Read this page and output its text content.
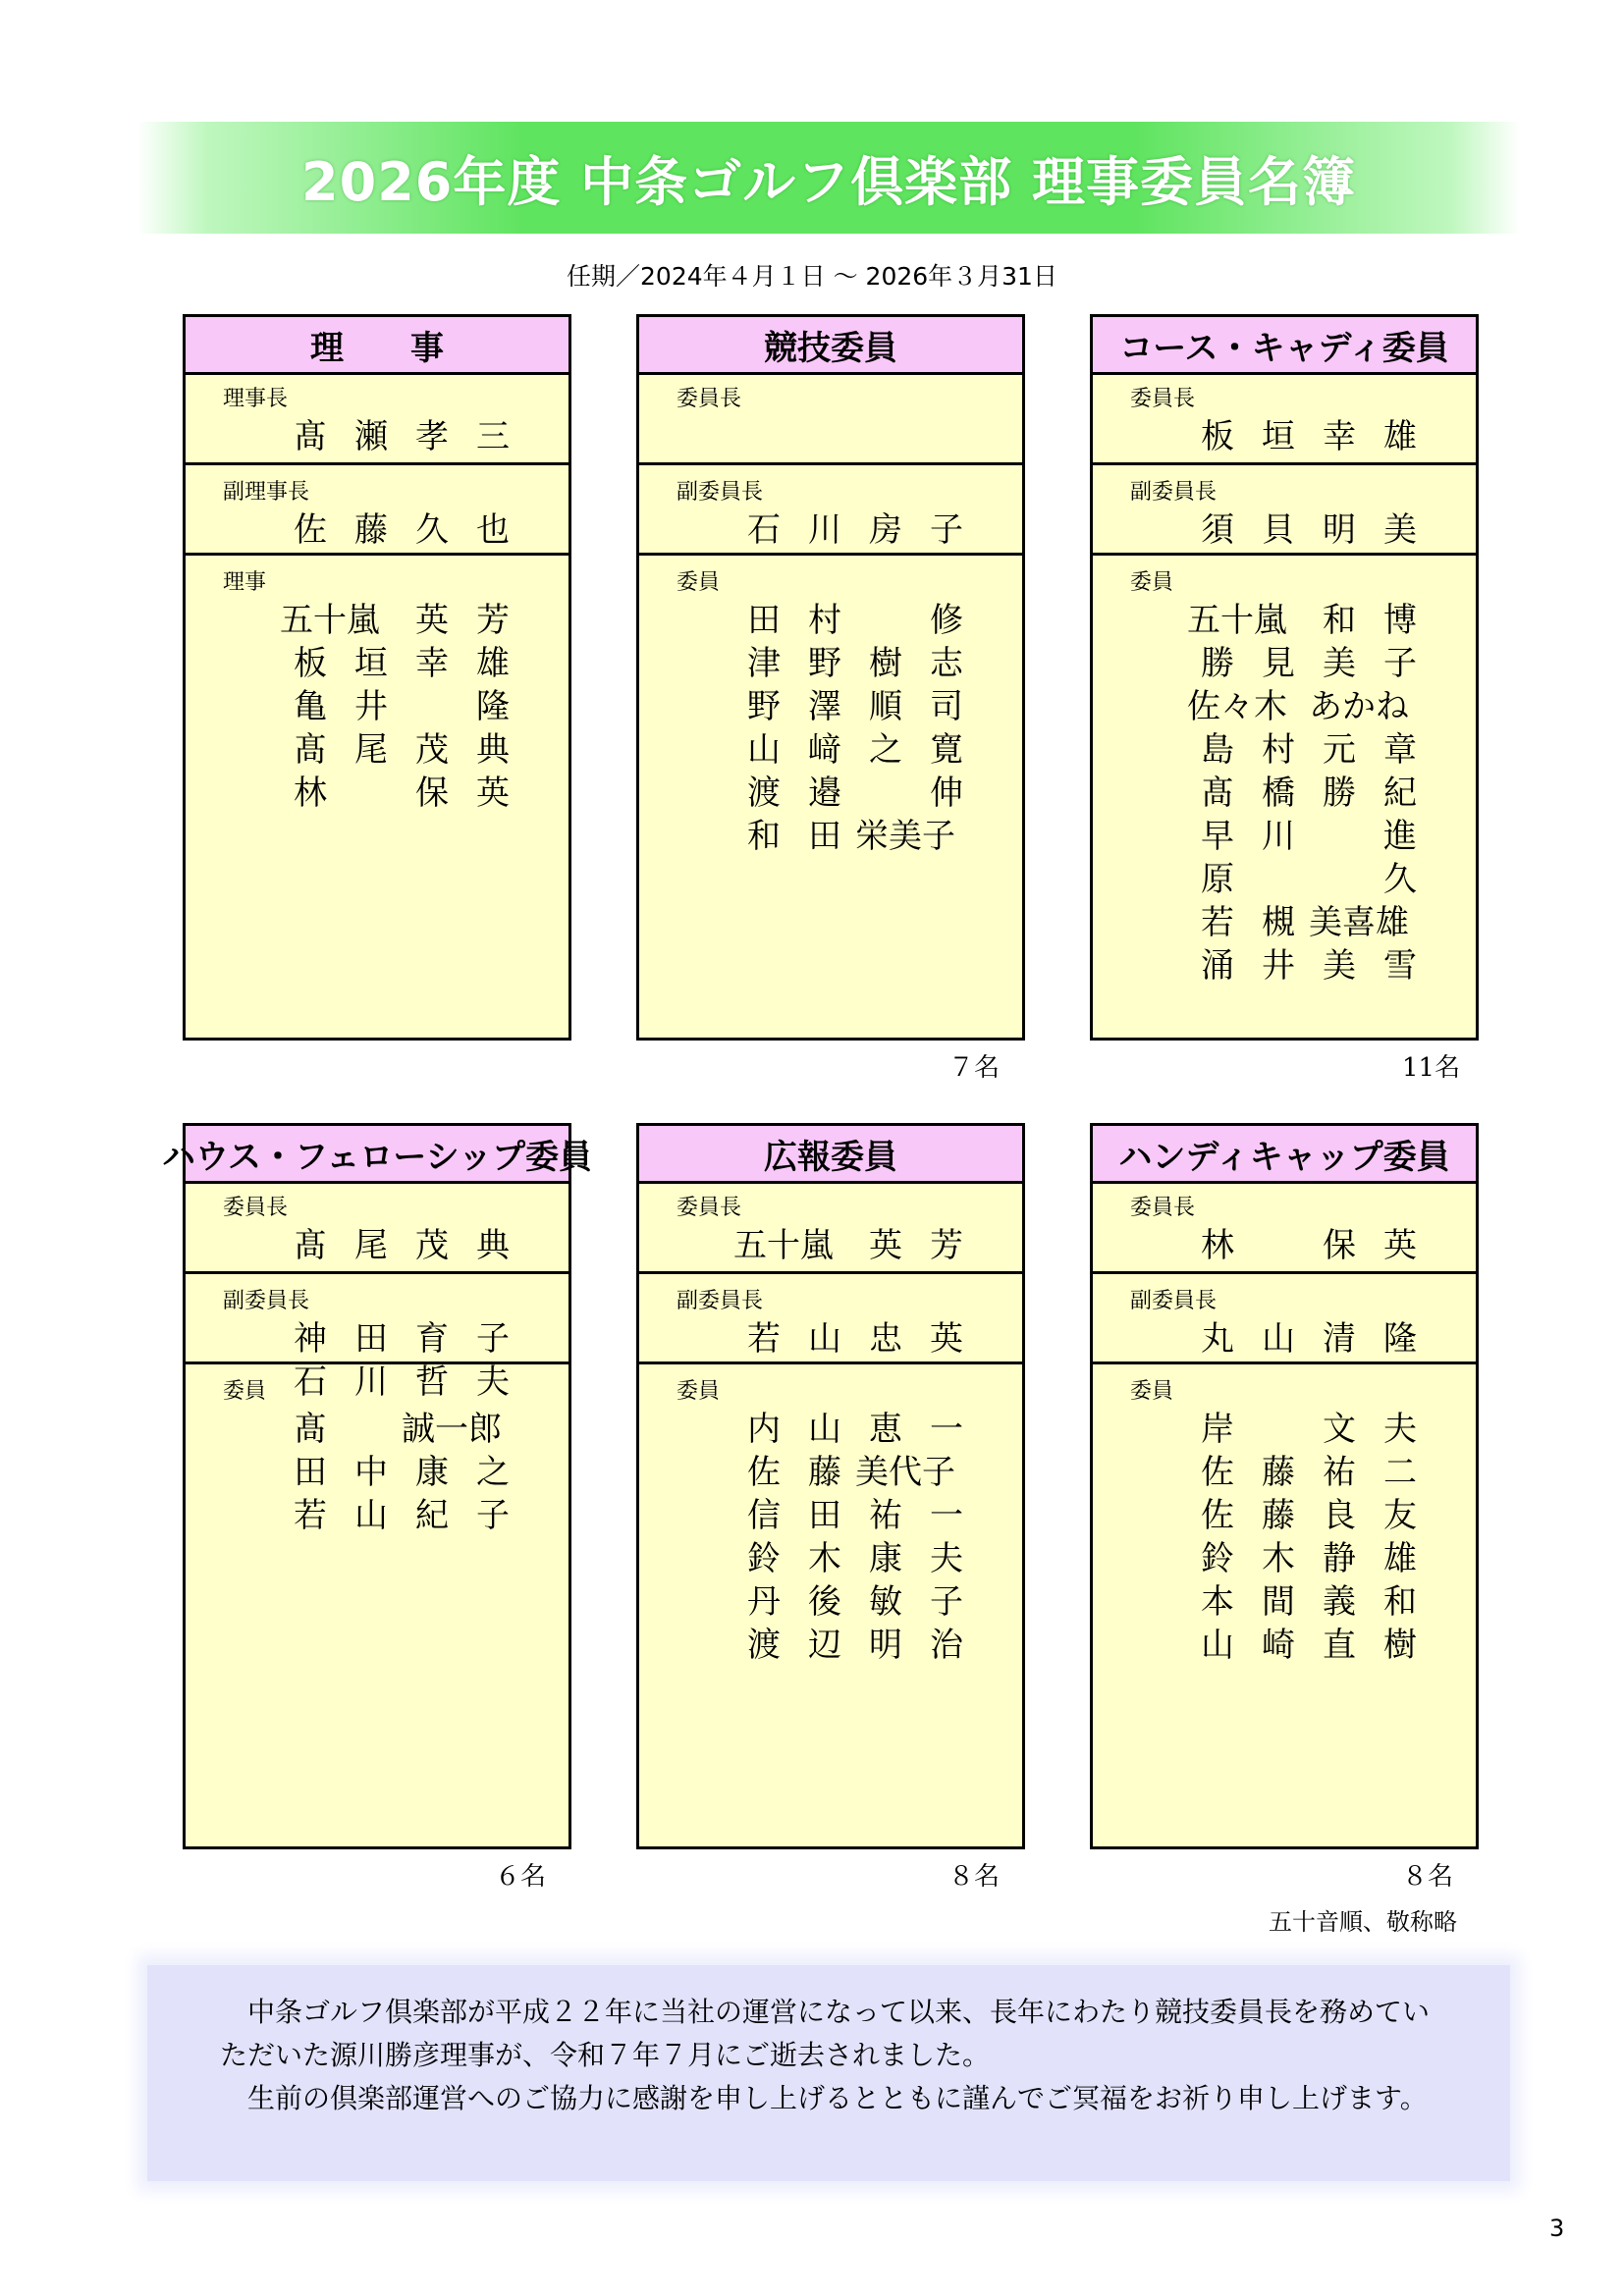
2026年度 中条ゴルフ倶楽部 理事委員名簿
任期／2024年４月１日 ～ 2026年３月31日
理　　事
理事長
髙 瀬 孝 三
副理事長
佐 藤 久 也
理事
五十嵐	英 芳
板 垣 幸 雄
亀 井	隆
髙 尾 茂 典
林	保 英
競技委員
委員長
副委員長
石 川 房 子
委員
田 村	修
津 野 樹 志
野 澤 順 司
山 﨑 之 寛
渡 邉	伸
和 田 栄美子
７名
コース・キャディ委員
委員長
板 垣 幸 雄
副委員長
須 貝 明 美
委員
五十嵐	和 博
勝 見 美 子
佐々木 あかね
島 村 元 章
髙 橋 勝 紀
早 川	進
原	久
若 槻 美喜雄
涌 井 美 雪
11名
ハウス・フェローシップ委員
委員長
髙 尾 茂 典
副委員長
神 田 育 子
石 川 哲 夫
委員
髙	誠一郎
田 中 康 之
若 山 紀 子
６名
広報委員
委員長
五十嵐	英 芳
副委員長
若 山 忠 英
委員
内 山 恵 一
佐 藤 美代子
信 田 祐 一
鈴 木 康 夫
丹 後 敏 子
渡 辺 明 治
８名
ハンディキャップ委員
委員長
林	保 英
副委員長
丸 山 清 隆
委員
岸	文 夫
佐 藤 祐 二
佐 藤 良 友
鈴 木 静 雄
本 間 義 和
山 崎 直 樹
８名
五十音順、敬称略

中条ゴルフ倶楽部が平成２２年に当社の運営になって以来、長年にわたり競技委員長を務めていただいた源川勝彦理事が、令和７年７月にご逝去されました。

生前の倶楽部運営へのご協力に感謝を申し上げるとともに謹んでご冥福をお祈り申し上げます。

3
